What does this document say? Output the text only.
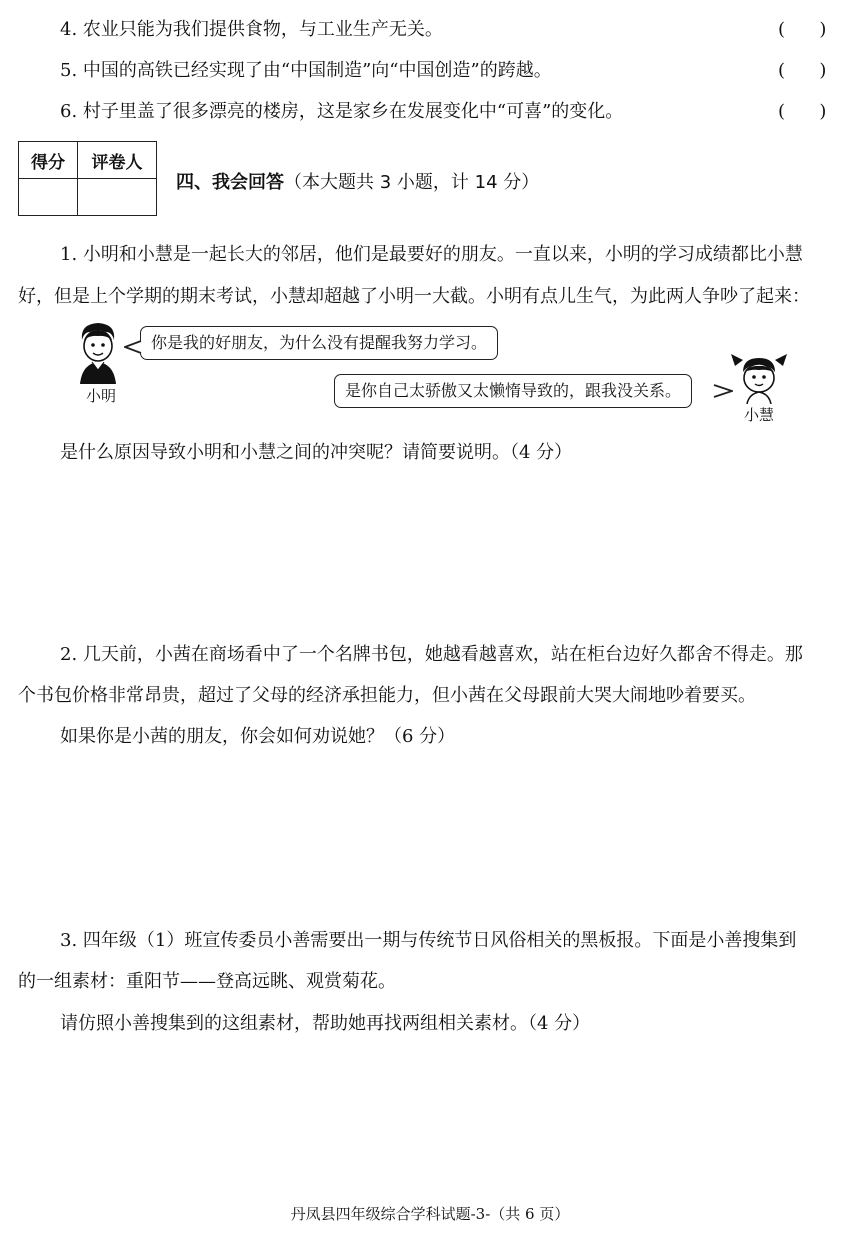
4. 农业只能为我们提供食物，与工业生产无关。	(      )
5. 中国的高铁已经实现了由“中国制造”向“中国创造”的跨越。	(      )
6. 村子里盖了很多漂亮的楼房，这是家乡在发展变化中“可喜”的变化。	(      )
得分	评卷人

四、我会回答（本大题共 3 小题，计 14 分）
1. 小明和小慧是一起长大的邻居，他们是最要好的朋友。一直以来，小明的学习成绩都比小慧
好，但是上个学期的期末考试，小慧却超越了小明一大截。小明有点儿生气，为此两人争吵了起来：
小明
你是我的好朋友，为什么没有提醒我努力学习。
是你自己太骄傲又太懒惰导致的，跟我没关系。
小慧
是什么原因导致小明和小慧之间的冲突呢？请简要说明。（4 分）
2. 几天前，小茜在商场看中了一个名牌书包，她越看越喜欢，站在柜台边好久都舍不得走。那
个书包价格非常昂贵，超过了父母的经济承担能力，但小茜在父母跟前大哭大闹地吵着要买。
如果你是小茜的朋友，你会如何劝说她？（6 分）
3. 四年级（1）班宣传委员小善需要出一期与传统节日风俗相关的黑板报。下面是小善搜集到
的一组素材：重阳节——登高远眺、观赏菊花。
请仿照小善搜集到的这组素材，帮助她再找两组相关素材。（4 分）
丹凤县四年级综合学科试题-3-（共 6 页）
